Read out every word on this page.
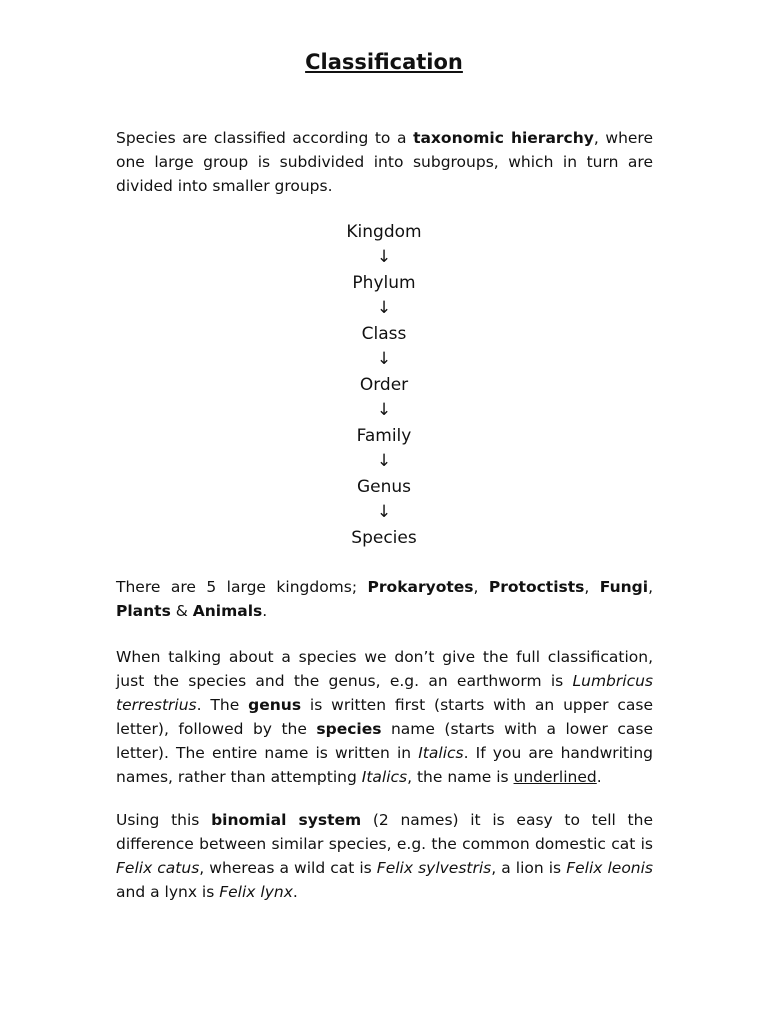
Classification

Species are classified according to a taxonomic hierarchy, where one large group is subdivided into subgroups, which in turn are divided into smaller groups.

Kingdom
↓
Phylum
↓
Class
↓
Order
↓
Family
↓
Genus
↓
Species

There are 5 large kingdoms; Prokaryotes, Protoctists, Fungi, Plants & Animals.

When talking about a species we don’t give the full classification, just the species and the genus, e.g. an earthworm is Lumbricus terrestrius. The genus is written first (starts with an upper case letter), followed by the species name (starts with a lower case letter). The entire name is written in Italics. If you are handwriting names, rather than attempting Italics, the name is underlined.

Using this binomial system (2 names) it is easy to tell the difference between similar species, e.g. the common domestic cat is Felix catus, whereas a wild cat is Felix sylvestris, a lion is Felix leonis and a lynx is Felix lynx.
